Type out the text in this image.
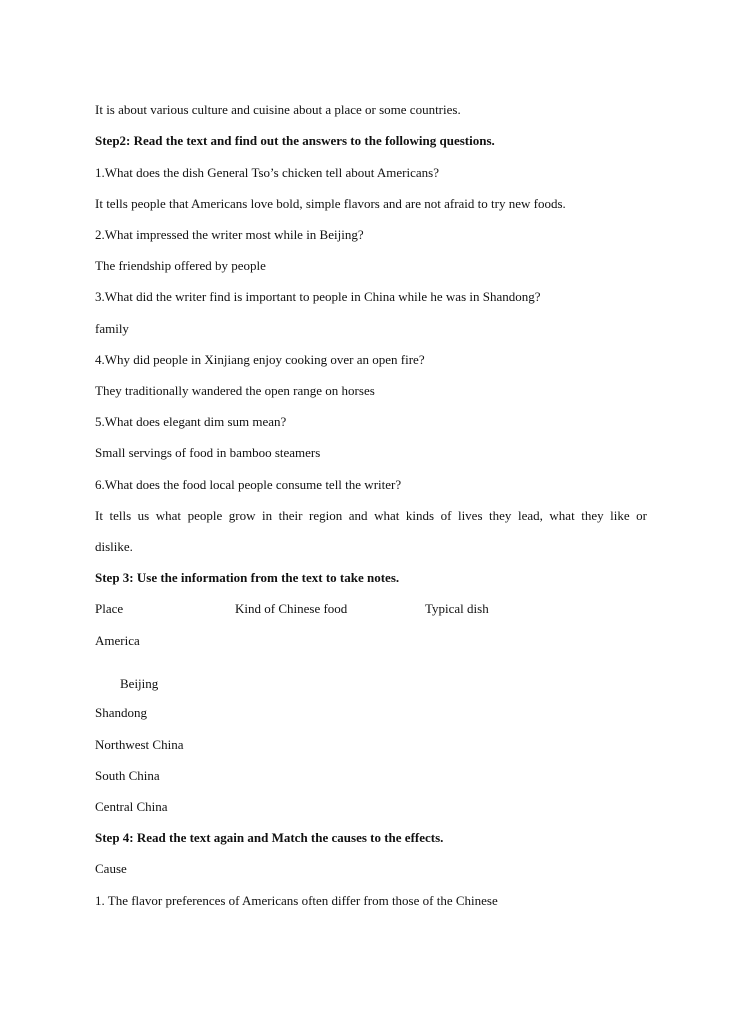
It is about various culture and cuisine about a place or some countries.
Step2: Read the text and find out the answers to the following questions.
1.What does the dish General Tso’s chicken tell about Americans?
It tells people that Americans love bold, simple flavors and are not afraid to try new foods.
2.What impressed the writer most while in Beijing?
The friendship offered by people
3.What did the writer find is important to people in China while he was in Shandong?
family
4.Why did people in Xinjiang enjoy cooking over an open fire?
They traditionally wandered the open range on horses
5.What does elegant dim sum mean?
Small servings of food in bamboo steamers
6.What does the food local people consume tell the writer?
It tells us what people grow in their region and what kinds of lives they lead, what they like or
dislike.
Step 3: Use the information from the text to take notes.
Place	Kind of Chinese food	Typical dish
America
Beijing
Shandong
Northwest China
South China
Central China
Step 4: Read the text again and Match the causes to the effects.
Cause
1. The flavor preferences of Americans often differ from those of the Chinese
